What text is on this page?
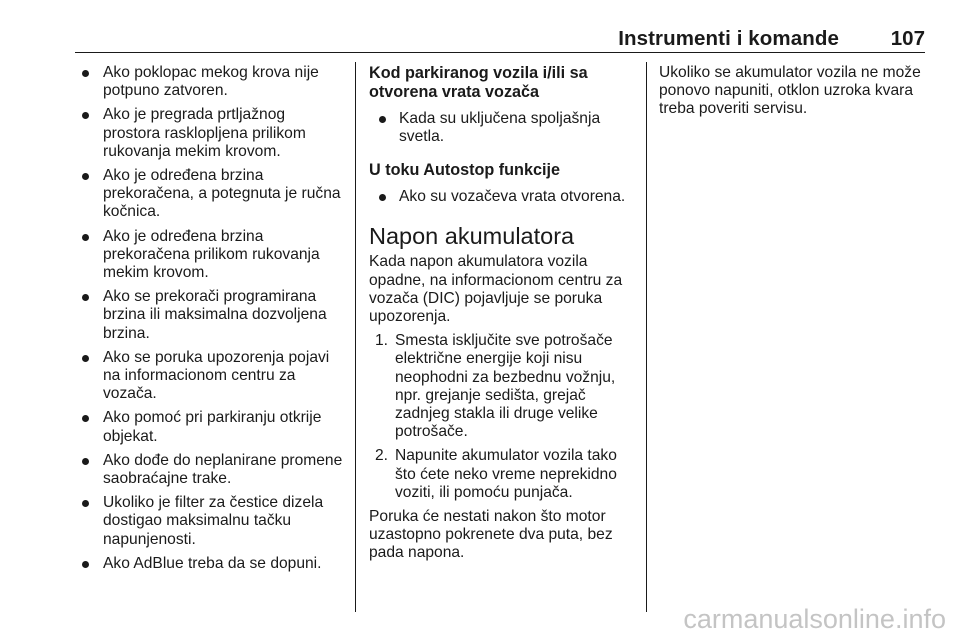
Instrumenti i komande	107
Ako poklopac mekog krova nije potpuno zatvoren.
Ako je pregrada prtljažnog prostora rasklopljena prilikom rukovanja mekim krovom.
Ako je određena brzina prekoračena, a potegnuta je ručna kočnica.
Ako je određena brzina prekoračena prilikom rukovanja mekim krovom.
Ako se prekorači programirana brzina ili maksimalna dozvoljena brzina.
Ako se poruka upozorenja pojavi na informacionom centru za vozača.
Ako pomoć pri parkiranju otkrije objekat.
Ako dođe do neplanirane promene saobraćajne trake.
Ukoliko je filter za čestice dizela dostigao maksimalnu tačku napunjenosti.
Ako AdBlue treba da se dopuni.
Kod parkiranog vozila i/ili sa otvorena vrata vozača
Kada su uključena spoljašnja svetla.
U toku Autostop funkcije
Ako su vozačeva vrata otvorena.
Napon akumulatora

Kada napon akumulatora vozila opadne, na informacionom centru za vozača (DIC) pojavljuje se poruka upozorenja.

1. Smesta isključite sve potrošače električne energije koji nisu neophodni za bezbednu vožnju, npr. grejanje sedišta, grejač zadnjeg stakla ili druge velike potrošače.
2. Napunite akumulator vozila tako što ćete neko vreme neprekidno voziti, ili pomoću punjača.

Poruka će nestati nakon što motor uzastopno pokrenete dva puta, bez pada napona.

Ukoliko se akumulator vozila ne može ponovo napuniti, otklon uzroka kvara treba poveriti servisu.

carmanualsonline.info
